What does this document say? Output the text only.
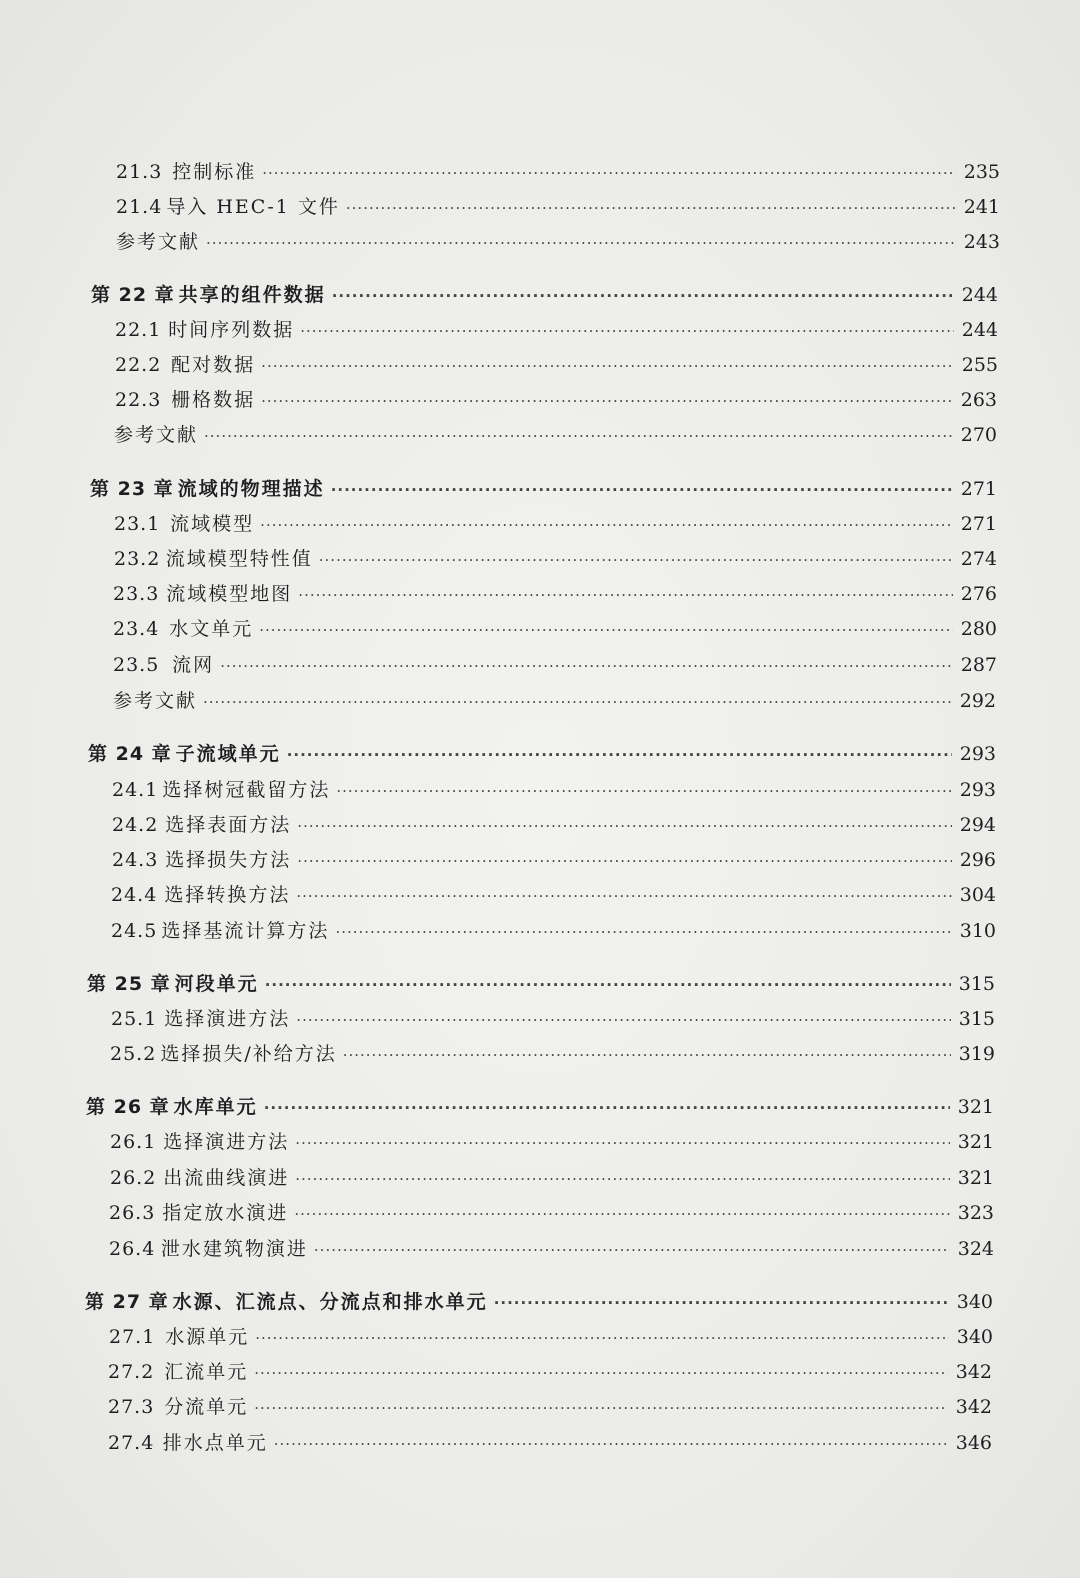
21.3 控制标准 ·····	235
21.4 导入 HEC-1 文件 ·····	241
参考文献 ·····	243
第 22 章 共享的组件数据 ·····	244
22.1 时间序列数据 ·····	244
22.2 配对数据 ·····	255
22.3 栅格数据 ·····	263
参考文献 ·····	270
第 23 章 流域的物理描述 ·····	271
23.1 流域模型 ·····	271
23.2 流域模型特性值 ·····	274
23.3 流域模型地图 ·····	276
23.4 水文单元 ·····	280
23.5 流网 ·····	287
参考文献 ·····	292
第 24 章 子流域单元 ·····	293
24.1 选择树冠截留方法 ·····	293
24.2 选择表面方法 ·····	294
24.3 选择损失方法 ·····	296
24.4 选择转换方法 ·····	304
24.5 选择基流计算方法 ·····	310
第 25 章 河段单元 ·····	315
25.1 选择演进方法 ·····	315
25.2 选择损失/补给方法 ·····	319
第 26 章 水库单元 ·····	321
26.1 选择演进方法 ·····	321
26.2 出流曲线演进 ·····	321
26.3 指定放水演进 ·····	323
26.4 泄水建筑物演进 ·····	324
第 27 章 水源、汇流点、分流点和排水单元 ·····	340
27.1 水源单元 ·····	340
27.2 汇流单元 ·····	342
27.3 分流单元 ·····	342
27.4 排水点单元 ·····	346
